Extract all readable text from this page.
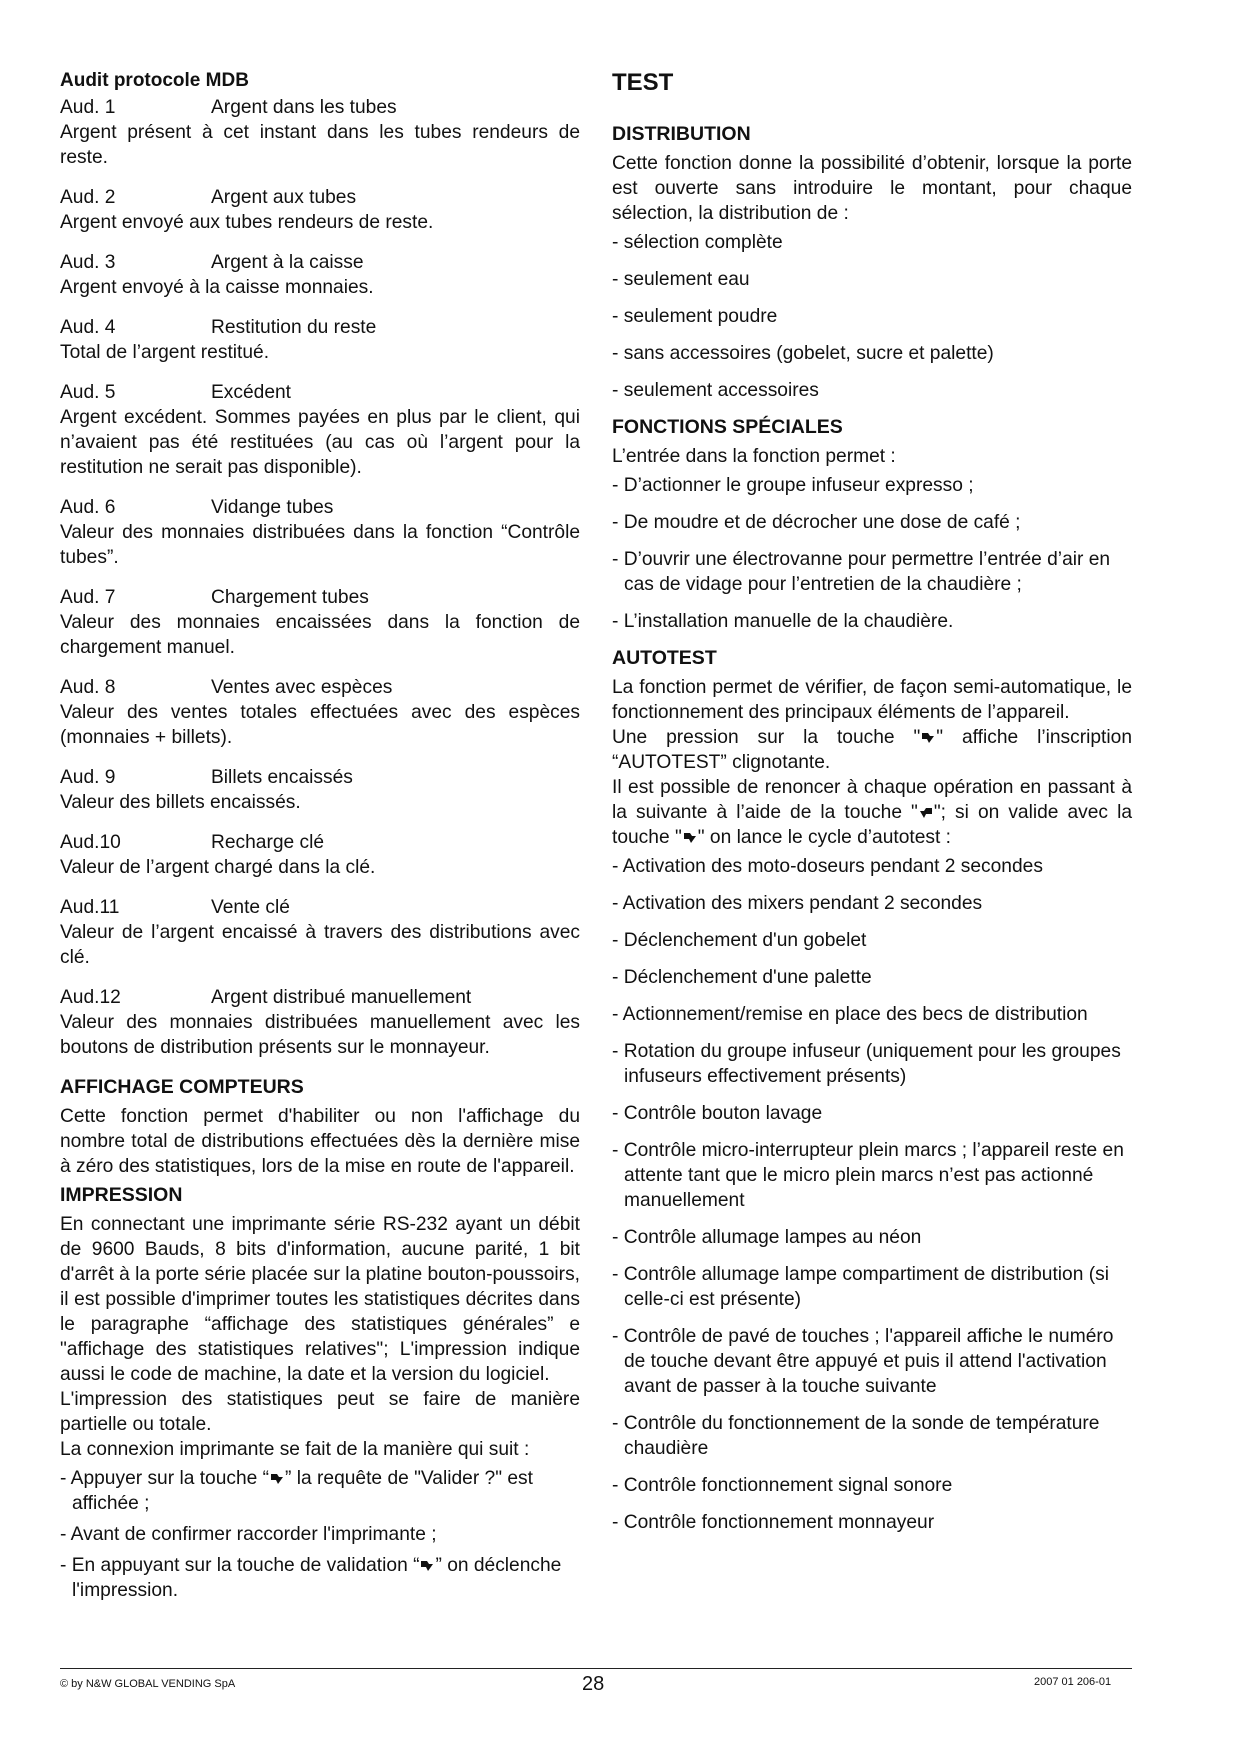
Audit protocole MDB
Aud. 1	Argent dans les tubes

Argent présent à cet instant dans les tubes rendeurs de reste.

Aud. 2	Argent aux tubes

Argent envoyé aux tubes rendeurs de reste.

Aud. 3	Argent à la caisse

Argent envoyé à la caisse monnaies.

Aud. 4	Restitution du reste

Total de l’argent restitué.

Aud. 5	Excédent

Argent excédent. Sommes payées en plus par le client, qui n’avaient pas été restituées (au cas où l’argent pour la restitution ne serait pas disponible).

Aud. 6	Vidange tubes

Valeur des monnaies distribuées dans la fonction “Contrôle tubes”.

Aud. 7	Chargement tubes

Valeur des monnaies encaissées dans la fonction de chargement manuel.

Aud. 8	Ventes avec espèces

Valeur des ventes totales effectuées avec des espèces (monnaies + billets).

Aud. 9	Billets encaissés

Valeur des billets encaissés.

Aud.10	Recharge clé

Valeur de l’argent chargé dans la clé.

Aud.11	Vente clé

Valeur de l’argent encaissé à travers des distributions avec clé.

Aud.12	Argent distribué manuellement

Valeur des monnaies distribuées manuellement avec les boutons de distribution présents sur le monnayeur.

AFFICHAGE COMPTEURS

Cette fonction permet d'habiliter ou non l'affichage du nombre total de distributions effectuées dès la dernière mise à zéro des statistiques, lors de la mise en route de l'appareil.

IMPRESSION

En connectant une imprimante série RS-232 ayant un débit de 9600 Bauds, 8 bits d'information, aucune parité, 1 bit d'arrêt à la porte série placée sur la platine bouton-poussoirs, il est possible d'imprimer toutes les statistiques décrites dans le paragraphe “affichage des statistiques générales” e "affichage des statistiques relatives"; L'impression indique aussi le code de machine, la date et la version du logiciel.

L'impression des statistiques peut se faire de manière partielle ou totale.

La connexion imprimante se fait de la manière qui suit :

- Appuyer sur la touche “ ” la requête de "Valider ?" est affichée ;
- Avant de confirmer raccorder l'imprimante ;
- En appuyant sur la touche de validation “ ” on déclenche l'impression.
TEST
DISTRIBUTION

Cette fonction donne la possibilité d’obtenir, lorsque la porte est ouverte sans introduire le montant, pour chaque sélection, la distribution de :

- sélection complète
- seulement eau
- seulement poudre
- sans accessoires (gobelet, sucre et palette)
- seulement accessoires
FONCTIONS SPÉCIALES

L’entrée dans la fonction permet :

- D’actionner le groupe infuseur expresso ;
- De moudre et de décrocher une dose de café ;
- D’ouvrir une électrovanne pour permettre l’entrée d’air en cas de vidage pour l’entretien de la chaudière ;
- L’installation manuelle de la chaudière.
AUTOTEST

La fonction permet de vérifier, de façon semi-automatique, le fonctionnement des principaux éléments de l’appareil.

Une pression sur la touche " " affiche l’inscription “AUTOTEST” clignotante.

Il est possible de renoncer à chaque opération en passant à la suivante à l’aide de la touche " "; si on valide avec la touche " " on lance le cycle d’autotest :

- Activation des moto-doseurs pendant 2 secondes
- Activation des mixers pendant 2 secondes
- Déclenchement d'un gobelet
- Déclenchement d'une palette
- Actionnement/remise en place des becs de distribution
- Rotation du groupe infuseur (uniquement pour les groupes infuseurs effectivement présents)
- Contrôle bouton lavage
- Contrôle micro-interrupteur plein marcs ; l’appareil reste en attente tant que le micro plein marcs n’est pas actionné manuellement
- Contrôle allumage lampes au néon
- Contrôle allumage lampe compartiment de distribution (si celle-ci est présente)
- Contrôle de pavé de touches ; l'appareil affiche le numéro de touche devant être appuyé et puis il attend l'activation avant de passer à la touche suivante
- Contrôle du fonctionnement de la sonde de température chaudière
- Contrôle fonctionnement signal sonore
- Contrôle fonctionnement monnayeur
© by N&W GLOBAL VENDING SpA	28	2007 01 206-01
